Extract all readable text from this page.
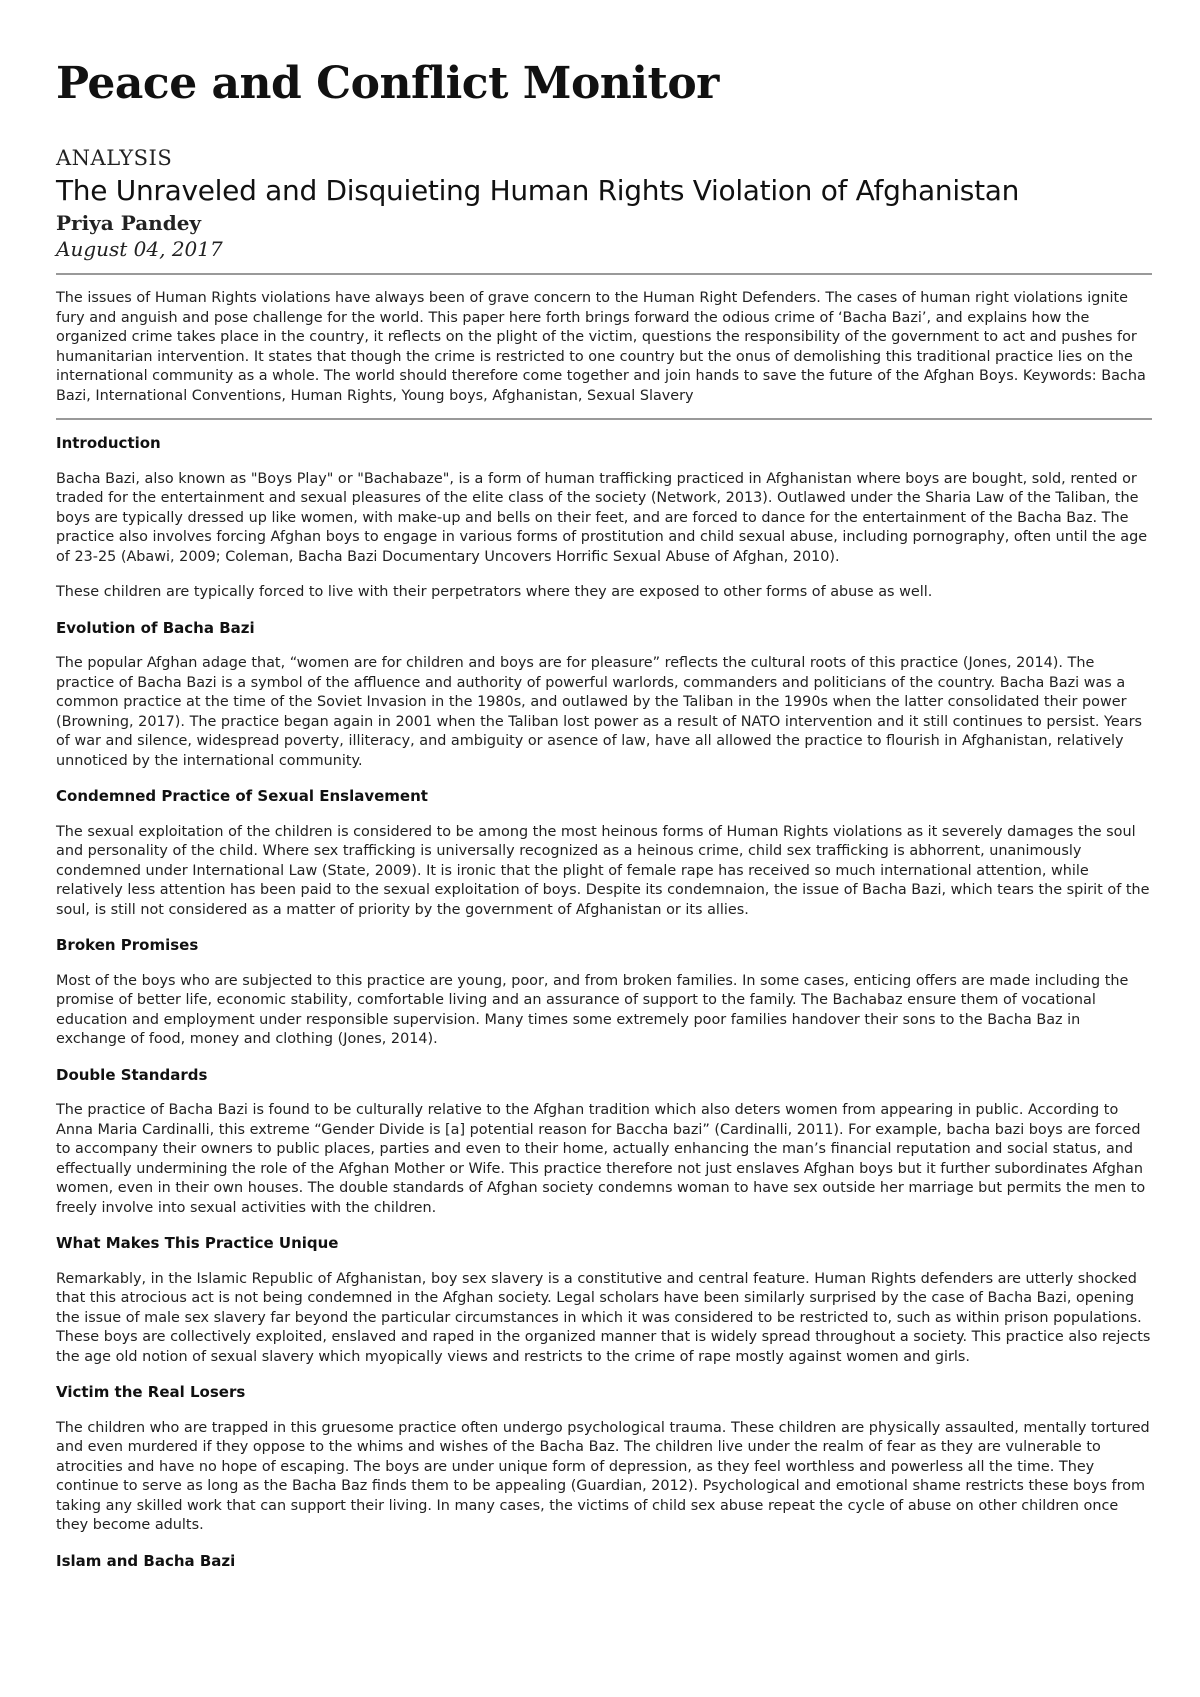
Peace and Conflict Monitor
ANALYSIS
The Unraveled and Disquieting Human Rights Violation of Afghanistan
Priya Pandey
August 04, 2017

The issues of Human Rights violations have always been of grave concern to the Human Right Defenders. The cases of human right violations ignite fury and anguish and pose challenge for the world. This paper here forth brings forward the odious crime of ‘Bacha Bazi’, and explains how the organized crime takes place in the country, it reflects on the plight of the victim, questions the responsibility of the government to act and pushes for humanitarian intervention. It states that though the crime is restricted to one country but the onus of demolishing this traditional practice lies on the international community as a whole. The world should therefore come together and join hands to save the future of the Afghan Boys. Keywords: Bacha Bazi, International Conventions, Human Rights, Young boys, Afghanistan, Sexual Slavery

Introduction

Bacha Bazi, also known as "Boys Play" or "Bachabaze", is a form of human trafficking practiced in Afghanistan where boys are bought, sold, rented or traded for the entertainment and sexual pleasures of the elite class of the society (Network, 2013). Outlawed under the Sharia Law of the Taliban, the boys are typically dressed up like women, with make-up and bells on their feet, and are forced to dance for the entertainment of the Bacha Baz. The practice also involves forcing Afghan boys to engage in various forms of prostitution and child sexual abuse, including pornography, often until the age of 23-25 (Abawi, 2009; Coleman, Bacha Bazi Documentary Uncovers Horrific Sexual Abuse of Afghan, 2010).

These children are typically forced to live with their perpetrators where they are exposed to other forms of abuse as well.

Evolution of Bacha Bazi

The popular Afghan adage that, “women are for children and boys are for pleasure” reflects the cultural roots of this practice (Jones, 2014). The practice of Bacha Bazi is a symbol of the affluence and authority of powerful warlords, commanders and politicians of the country. Bacha Bazi was a common practice at the time of the Soviet Invasion in the 1980s, and outlawed by the Taliban in the 1990s when the latter consolidated their power (Browning, 2017). The practice began again in 2001 when the Taliban lost power as a result of NATO intervention and it still continues to persist. Years of war and silence, widespread poverty, illiteracy, and ambiguity or asence of law, have all allowed the practice to flourish in Afghanistan, relatively unnoticed by the international community.

Condemned Practice of Sexual Enslavement

The sexual exploitation of the children is considered to be among the most heinous forms of Human Rights violations as it severely damages the soul and personality of the child. Where sex trafficking is universally recognized as a heinous crime, child sex trafficking is abhorrent, unanimously condemned under International Law (State, 2009). It is ironic that the plight of female rape has received so much international attention, while relatively less attention has been paid to the sexual exploitation of boys. Despite its condemnaion, the issue of Bacha Bazi, which tears the spirit of the soul, is still not considered as a matter of priority by the government of Afghanistan or its allies.

Broken Promises

Most of the boys who are subjected to this practice are young, poor, and from broken families. In some cases, enticing offers are made including the promise of better life, economic stability, comfortable living and an assurance of support to the family. The Bachabaz ensure them of vocational education and employment under responsible supervision. Many times some extremely poor families handover their sons to the Bacha Baz in exchange of food, money and clothing (Jones, 2014).

Double Standards

The practice of Bacha Bazi is found to be culturally relative to the Afghan tradition which also deters women from appearing in public. According to Anna Maria Cardinalli, this extreme “Gender Divide is [a] potential reason for Baccha bazi” (Cardinalli, 2011). For example, bacha bazi boys are forced to accompany their owners to public places, parties and even to their home, actually enhancing the man’s financial reputation and social status, and effectually undermining the role of the Afghan Mother or Wife. This practice therefore not just enslaves Afghan boys but it further subordinates Afghan women, even in their own houses. The double standards of Afghan society condemns woman to have sex outside her marriage but permits the men to freely involve into sexual activities with the children.

What Makes This Practice Unique

Remarkably, in the Islamic Republic of Afghanistan, boy sex slavery is a constitutive and central feature. Human Rights defenders are utterly shocked that this atrocious act is not being condemned in the Afghan society. Legal scholars have been similarly surprised by the case of Bacha Bazi, opening the issue of male sex slavery far beyond the particular circumstances in which it was considered to be restricted to, such as within prison populations. These boys are collectively exploited, enslaved and raped in the organized manner that is widely spread throughout a society. This practice also rejects the age old notion of sexual slavery which myopically views and restricts to the crime of rape mostly against women and girls.

Victim the Real Losers

The children who are trapped in this gruesome practice often undergo psychological trauma. These children are physically assaulted, mentally tortured and even murdered if they oppose to the whims and wishes of the Bacha Baz. The children live under the realm of fear as they are vulnerable to atrocities and have no hope of escaping. The boys are under unique form of depression, as they feel worthless and powerless all the time. They continue to serve as long as the Bacha Baz finds them to be appealing (Guardian, 2012). Psychological and emotional shame restricts these boys from taking any skilled work that can support their living. In many cases, the victims of child sex abuse repeat the cycle of abuse on other children once they become adults.

Islam and Bacha Bazi
